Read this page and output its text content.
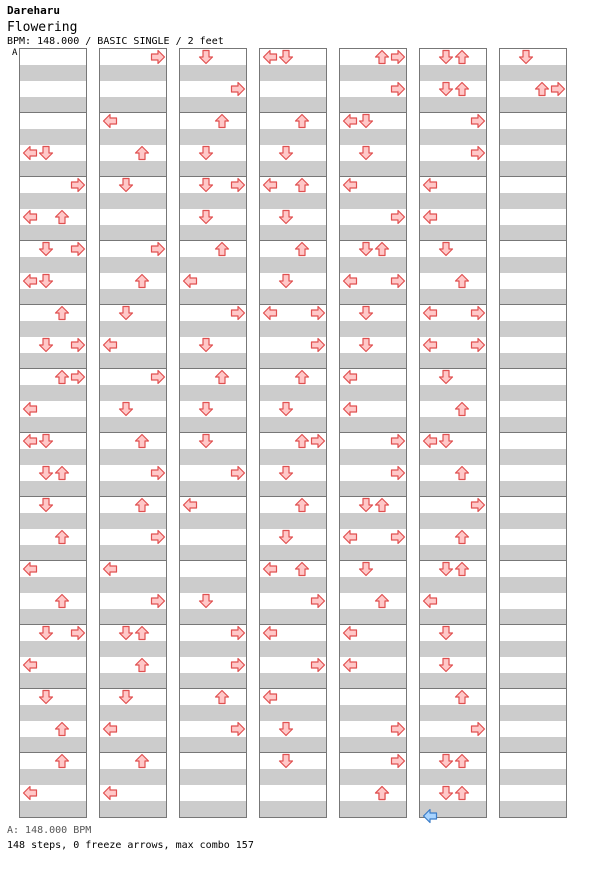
Dareharu
Flowering
BPM: 148.000 / BASIC SINGLE / 2 feet
A
A: 148.000 BPM
148 steps, 0 freeze arrows, max combo 157
